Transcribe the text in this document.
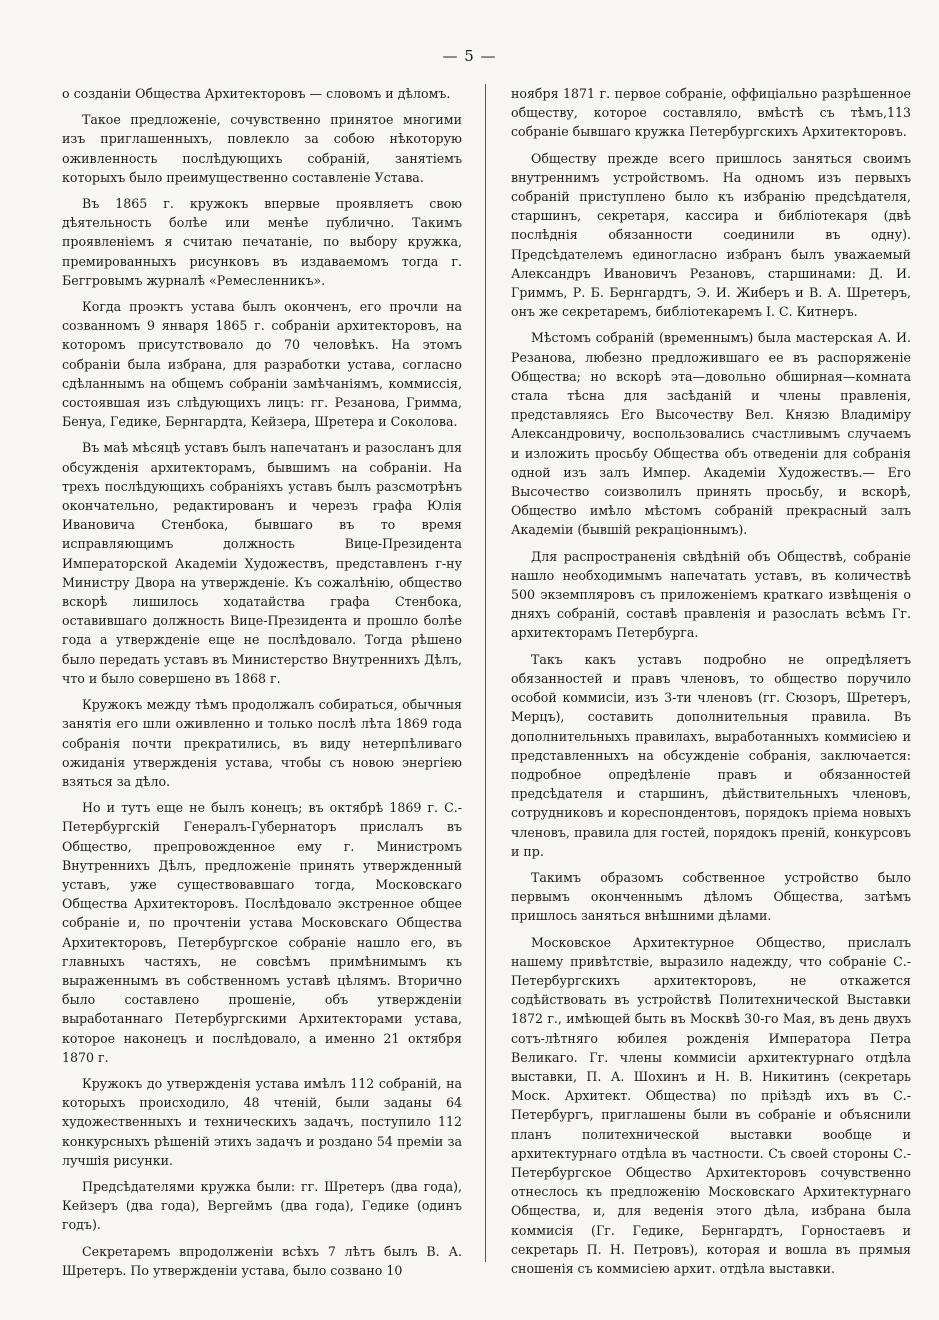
— 5 —

о созданіи Общества Архитекторовъ — словомъ и дѣломъ.

Такое предложеніе, сочувственно принятое многими изъ приглашенныхъ, повлекло за собою нѣкоторую оживленность послѣдующихъ собраній, занятіемъ которыхъ было преимущественно составленіе Устава.

Въ 1865 г. кружокъ впервые проявляетъ свою дѣятельность болѣе или менѣе публично. Такимъ проявленіемъ я считаю печатаніе, по выбору кружка, премированныхъ рисунковъ въ издаваемомъ тогда г. Беггровымъ журналѣ «Ремесленникъ».

Когда проэктъ устава былъ оконченъ, его прочли на созванномъ 9 января 1865 г. собраніи архитекторовъ, на которомъ присутствовало до 70 человѣкъ. На этомъ собраніи была избрана, для разработки устава, согласно сдѣланнымъ на общемъ собраніи замѣчаніямъ, коммиссія, состоявшая изъ слѣдующихъ лицъ: гг. Резанова, Гримма, Бенуа, Гедике, Бернгардта, Кейзера, Шретера и Соколова.

Въ маѣ мѣсяцѣ уставъ былъ напечатанъ и разосланъ для обсужденія архитекторамъ, бывшимъ на собраніи. На трехъ послѣдующихъ собраніяхъ уставъ былъ разсмотрѣнъ окончательно, редактированъ и черезъ графа Юлія Ивановича Стенбока, бывшаго въ то время исправляющимъ должность Вице-Президента Императорской Академіи Художествъ, представленъ г-ну Министру Двора на утвержденіе. Къ сожалѣнію, общество вскорѣ лишилось ходатайства графа Стенбока, оставившаго должность Вице-Президента и прошло болѣе года а утвержденіе еще не послѣдовало. Тогда рѣшено было передать уставъ въ Министерство Внутреннихъ Дѣлъ, что и было совершено въ 1868 г.

Кружокъ между тѣмъ продолжалъ собираться, обычныя занятія его шли оживленно и только послѣ лѣта 1869 года собранія почти прекратились, въ виду нетерпѣливаго ожиданія утвержденія устава, чтобы съ новою энергіею взяться за дѣло.

Но и тутъ еще не былъ конецъ; въ октябрѣ 1869 г. С.-Петербургскій Генералъ-Губернаторъ прислалъ въ Общество, препровожденное ему г. Министромъ Внутреннихъ Дѣлъ, предложеніе принять утвержденный уставъ, уже существовавшаго тогда, Московскаго Общества Архитекторовъ. Послѣдовало экстренное общее собраніе и, по прочтеніи устава Московскаго Общества Архитекторовъ, Петербургское собраніе нашло его, въ главныхъ частяхъ, не совсѣмъ примѣнимымъ къ выраженнымъ въ собственномъ уставѣ цѣлямъ. Вторично было составлено прошеніе, объ утвержденіи выработаннаго Петербургскими Архитекторами устава, которое наконецъ и послѣдовало, а именно 21 октября 1870 г.

Кружокъ до утвержденія устава имѣлъ 112 собраній, на которыхъ происходило, 48 чтеній, были заданы 64 художественныхъ и техническихъ задачъ, поступило 112 конкурсныхъ рѣшеній этихъ задачъ и роздано 54 преміи за лучшія рисунки.

Предсѣдателями кружка были: гг. Шретеръ (два года), Кейзеръ (два года), Вергеймъ (два года), Гедике (одинъ годъ).

Секретаремъ впродолженіи всѣхъ 7 лѣтъ былъ В. А. Шретеръ. По утвержденіи устава, было созвано 10

ноября 1871 г. первое собраніе, оффиціально разрѣшенное обществу, которое составляло, вмѣстѣ съ тѣмъ,113 собраніе бывшаго кружка Петербургскихъ Архитекторовъ.

Обществу прежде всего пришлось заняться своимъ внутреннимъ устройствомъ. На одномъ изъ первыхъ собраній приступлено было къ избранію предсѣдателя, старшинъ, секретаря, кассира и библіотекаря (двѣ послѣднія обязанности соединили въ одну). Предсѣдателемъ единогласно избранъ былъ уважаемый Александръ Ивановичъ Резановъ, старшинами: Д. И. Гриммъ, Р. Б. Бернгардтъ, Э. И. Жиберъ и В. А. Шретеръ, онъ же секретаремъ, библіотекаремъ І. С. Китнеръ.

Мѣстомъ собраній (временнымъ) была мастерская А. И. Резанова, любезно предложившаго ее въ распоряженіе Общества; но вскорѣ эта—довольно обширная—комната стала тѣсна для засѣданій и члены правленія, представляясь Его Высочеству Вел. Князю Владиміру Александровичу, воспользовались счастливымъ случаемъ и изложить просьбу Общества объ отведеніи для собранія одной изъ залъ Импер. Академіи Художествъ.— Его Высочество соизволилъ принять просьбу, и вскорѣ, Общество имѣло мѣстомъ собраній прекрасный залъ Академіи (бывшій рекраціоннымъ).

Для распространенія свѣдѣній объ Обществѣ, собраніе нашло необходимымъ напечатать уставъ, въ количествѣ 500 экземпляровъ съ приложеніемъ краткаго извѣщенія о дняхъ собраній, составѣ правленія и разослать всѣмъ Гг. архитекторамъ Петербурга.

Такъ какъ уставъ подробно не опредѣляетъ обязанностей и правъ членовъ, то общество поручило особой коммисіи, изъ 3-ти членовъ (гг. Сюзоръ, Шретеръ, Мерцъ), составить дополнительныя правила. Въ дополнительныхъ правилахъ, выработанныхъ коммисіею и представленныхъ на обсужденіе собранія, заключается: подробное опредѣленіе правъ и обязанностей предсѣдателя и старшинъ, дѣйствительныхъ членовъ, сотрудниковъ и кореспондентовъ, порядокъ пріема новыхъ членовъ, правила для гостей, порядокъ преній, конкурсовъ и пр.

Такимъ образомъ собственное устройство было первымъ оконченнымъ дѣломъ Общества, затѣмъ пришлось заняться внѣшними дѣлами.

Московское Архитектурное Общество, прислалъ нашему привѣтствіе, выразило надежду, что собраніе С.-Петербургскихъ архитекторовъ, не откажется содѣйствовать въ устройствѣ Политехнической Выставки 1872 г., имѣющей быть въ Москвѣ 30-го Мая, въ день двухъ сотъ-лѣтняго юбилея рожденія Императора Петра Великаго. Гг. члены коммисіи архитектурнаго отдѣла выставки, П. А. Шохинъ и Н. В. Никитинъ (секретарь Моск. Архитект. Общества) по пріѣздѣ ихъ въ С.-Петербургъ, приглашены были въ собраніе и объяснили планъ политехнической выставки вообще и архитектурнаго отдѣла въ частности. Съ своей стороны С.-Петербургское Общество Архитекторовъ сочувственно отнеслось къ предложенію Московскаго Архитектурнаго Общества, и, для веденія этого дѣла, избрана была коммисія (Гг. Гедике, Бернгардтъ, Горностаевъ и секретарь П. Н. Петровъ), которая и вошла въ прямыя сношенія съ коммисіею архит. отдѣла выставки.
